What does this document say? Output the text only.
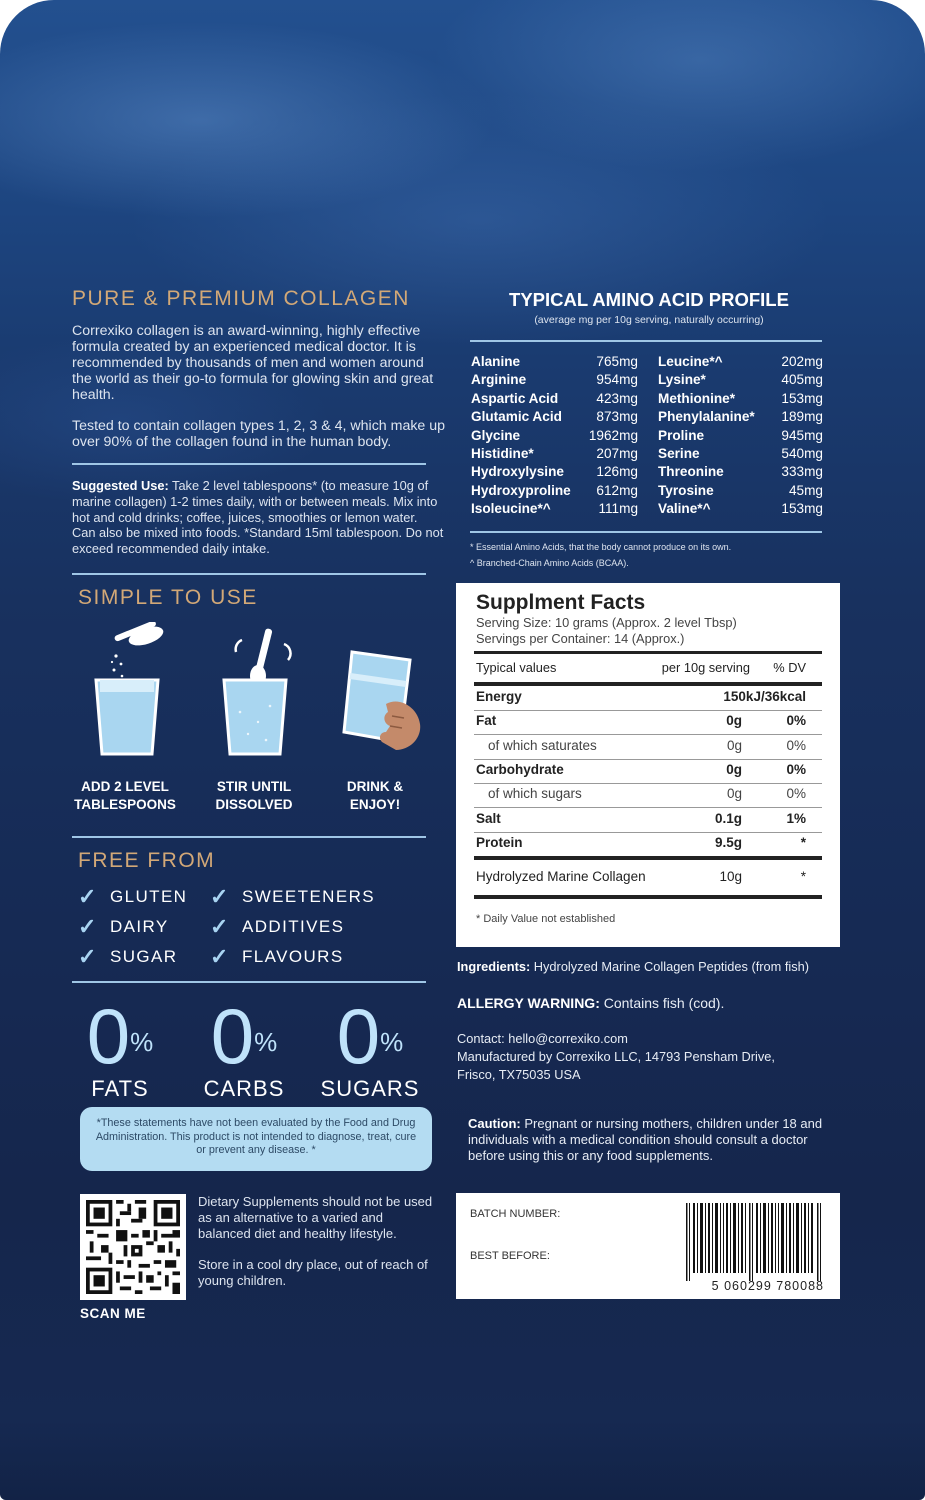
PURE & PREMIUM COLLAGEN
Correxiko collagen is an award-winning, highly effective formula created by an experienced medical doctor. It is recommended by thousands of men and women around the world as their go-to formula for glowing skin and great health.
Tested to contain collagen types 1, 2, 3 & 4, which make up over 90% of the collagen found in the human body.
Suggested Use: Take 2 level tablespoons* (to measure 10g of marine collagen) 1-2 times daily, with or between meals. Mix into hot and cold drinks; coffee, juices, smoothies or lemon water. Can also be mixed into foods. *Standard 15ml tablespoon. Do not exceed recommended daily intake.
SIMPLE TO USE
ADD 2 LEVEL
TABLESPOONS
STIR UNTIL
DISSOLVED
DRINK &
ENJOY!
FREE FROM
✓ GLUTEN
✓ DAIRY
✓ SUGAR
✓ SWEETENERS
✓ ADDITIVES
✓ FLAVOURS
0%
FATS
0%
CARBS
0%
SUGARS
*These statements have not been evaluated by the Food and Drug Administration. This product is not intended to diagnose, treat, cure or prevent any disease. *
SCAN ME
Dietary Supplements should not be used as an alternative to a varied and balanced diet and healthy lifestyle.
Store in a cool dry place, out of reach of young children.
TYPICAL AMINO ACID PROFILE
(average mg per 10g serving, naturally occurring)
Alanine	765mg
Arginine	954mg
Aspartic Acid	423mg
Glutamic Acid	873mg
Glycine	1962mg
Histidine*	207mg
Hydroxylysine 126mg
Hydroxyproline 612mg
Isoleucine*^	111mg
Leucine*^	202mg
Lysine*	405mg
Methionine*	153mg
Phenylalanine* 189mg
Proline	945mg
Serine	540mg
Threonine	333mg
Tyrosine	45mg
Valine*^	153mg
* Essential Amino Acids, that the body cannot produce on its own.
^ Branched-Chain Amino Acids (BCAA).
Supplment Facts
Serving Size: 10 grams (Approx. 2 level Tbsp)
Servings per Container: 14 (Approx.)
Typical values	per 10g serving % DV
Hydrolyzed Marine Collagen	10g	*
* Daily Value not established
Energy	150kJ/36kcal
Fat	0g	0%
of which saturates	0g	0%
Carbohydrate	0g	0%
of which sugars	0g	0%
Salt	0.1g	1%
Protein	9.5g	*
Ingredients: Hydrolyzed Marine Collagen Peptides (from fish)
ALLERGY WARNING: Contains fish (cod).
Contact: hello@correxiko.com
Manufactured by Correxiko LLC, 14793 Pensham Drive,
Frisco, TX75035 USA
Caution: Pregnant or nursing mothers, children under 18 and individuals with a medical condition should consult a doctor before using this or any food supplements.
BATCH NUMBER:
BEST BEFORE:
5 060299 780088
